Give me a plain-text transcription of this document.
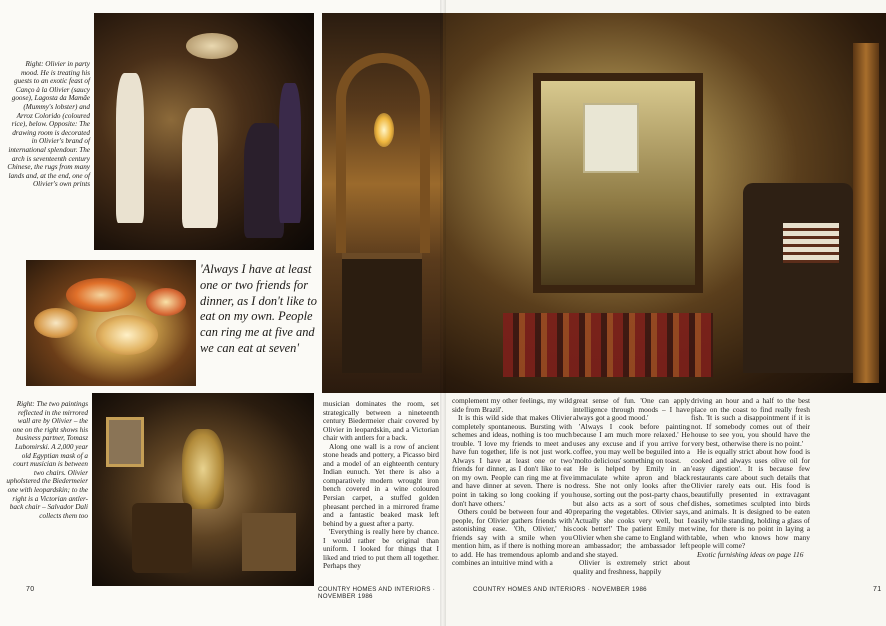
Right: Olivier in party mood. He is treating his guests to an exotic feast of Canço à la Olivier (saucy goose), Lagosta da Mamãe (Mummy's lobster) and Arroz Colorido (coloured rice), below. Opposite: The drawing room is decorated in Olivier's brand of international splendour. The arch is seventeenth century Chinese, the rugs from many lands and, at the end, one of Olivier's own prints
'Always I have at least one or two friends for dinner, as I don't like to eat on my own. People can ring me at five and we can eat at seven'
Right: The two paintings reflected in the mirrored wall are by Olivier – the one on the right shows his business partner, Tomasz Lubomirski. A 2,000 year old Egyptian mask of a court musician is between two chairs. Olivier upholstered the Biedermeier one with leopardskin; to the right is a Victorian antler-back chair – Salvador Dali collects them too

musician dominates the room, set strategically between a nineteenth century Biedermeier chair covered by Olivier in leopardskin, and a Victorian chair with antlers for a back.

Along one wall is a row of ancient stone heads and pottery, a Picasso bird and a model of an eighteenth century Indian eunuch. Yet there is also a comparatively modern wrought iron bench covered in a wine coloured Persian carpet, a stuffed golden pheasant perched in a mirrored frame and a fantastic beaked mask left behind by a guest after a party.

'Everything is really here by chance. I would rather be original than uniform. I looked for things that I liked and tried to put them all together. Perhaps they

70	COUNTRY HOMES AND INTERIORS · NOVEMBER 1986

complement my other feelings, my wild side from Brazil'.

It is this wild side that makes Olivier completely spontaneous. Bursting with schemes and ideas, nothing is too much trouble. 'I love my friends to meet and have fun together, life is not just work. Always I have at least one or two friends for dinner, as I don't like to eat on my own. People can ring me at five and have dinner at seven. There is no point in taking so long cooking if you don't have others.'

Others could be between four and 40 people, for Olivier gathers friends with astonishing ease. 'Oh, Olivier,' his friends say with a smile when you mention him, as if there is nothing more to add. He has tremendous aplomb and combines an intuitive mind with a

great sense of fun. 'One can apply intelligence through moods – I have always got a good mood.'

'Always I cook before painting because I am much more relaxed.' He uses any excuse and if you arrive for coffee, you may well be beguiled into a 'molto delicious' something on toast.

He is helped by Emily in an immaculate white apron and black dress. She not only looks after the house, sorting out the post-party chaos, but also acts as a sort of sous chef preparing the vegetables. Olivier says, 'Actually she cooks very well, but I cook better!' The patient Emily met Olivier when she came to England with an ambassador; the ambassador left and she stayed.

Olivier is extremely strict about quality and freshness, happily

driving an hour and a half to the best place on the coast to find really fresh fish. 'It is such a disappointment if it is not. If somebody comes out of their house to see you, you should have the very best, otherwise there is no point.'

He is equally strict about how food is cooked and always uses olive oil for 'easy digestion'. It is because few restaurants care about such details that Olivier rarely eats out. His food is beautifully presented in extravagant dishes, sometimes sculpted into birds and animals. It is designed to be eaten easily while standing, holding a glass of wine, for there is no point in laying a table, when who knows how many people will come?

Exotic furnishing ideas on page 116

COUNTRY HOMES AND INTERIORS · NOVEMBER 1986	71
